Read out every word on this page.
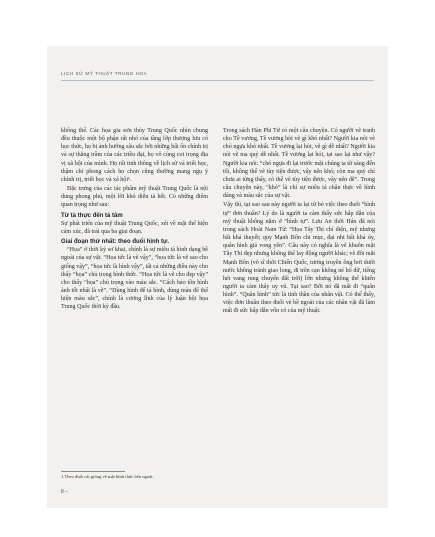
LỊCH SỬ MỸ THUẬT TRUNG HOA

không thể. Các họa gia sơn thủy Trung Quốc nhìn chung đều thuộc một bộ phận rất nhỏ của tầng lớp thượng lưu có học thức, họ bị ảnh hưởng sâu sắc bởi những bất ổn chính trị và sự thăng trầm của các triều đại, họ vô cùng coi trọng địa vị xã hội của mình. Họ rất tinh thông về lịch sử và triết học, thậm chí phong cách họ chọn cũng thường mang ngụ ý chính trị, triết học và xã hội¹.

Đặc trưng của các tác phẩm mỹ thuật Trung Quốc là nội dung phong phú, một lời khó diễn tả hết. Có những điểm quan trọng như sau:

Từ tả thực đến tả tâm

Sự phát triển của mỹ thuật Trung Quốc, xét về mặt thể hiện cảm xúc, đã trải qua ba giai đoạn.

Giai đoạn thứ nhất: theo đuổi hình tự.

“Họa” ở thời kỳ sơ khai, chính là sự miêu tả hình dạng bề ngoài của sự vật. “Họa tức là vẽ vậy”, “họa tức là vẽ sao cho giống vậy”, “họa tức là hình vậy”, tất cả những điều này cho thấy “họa” chủ trọng hình thức. “Họa tức là vẽ cho đẹp vậy” cho thấy “họa” chủ trọng vào màu sắc. “Cách bảo tồn hình ảnh tốt nhất là vẽ”. “Dùng hình để tả hình, dùng màu để thể hiện màu sắc”, chính là cương lĩnh của lý luận hội họa Trung Quốc thời kỳ đầu.

Trong sách Hàn Phi Tử có một câu chuyện. Có người vẽ tranh cho Tề vương, Tề vương hỏi vẽ gì khó nhất? Người kia nói vẽ chó ngựa khó nhất. Tề vương lại hỏi, vẽ gì dễ nhất? Người kia nói vẽ ma quỷ dễ nhất. Tề vương lại hỏi, tại sao lại như vậy? Người kia nói: “chó ngựa đi lại trước mặt chúng ta từ sáng đến tối, không thể vẽ tùy tiện được, vậy nên khó; còn ma quỷ chỉ chưa ai từng thấy, có thể vẽ tùy tiện được, vậy nên dễ”. Trong câu chuyện này, “khó” là chỉ sự miêu tả chân thực về hình dáng và màu sắc của sự vật.

Vậy thì, tại sao sau này người ta lại từ bỏ việc theo đuổi “hình tự” đơn thuần? Lý do là người ta cảm thấy sức hấp dẫn của mỹ thuật không nằm ở “hình tự”. Lưu An thời Hán đã nói trong sách Hoài Nam Tử: “Họa Tây Thi chỉ diện, mỹ nhưng bất khả thuyết; quy Mạnh Bôn chi mục, đại nhi bất khả úy, quân hình giả vong yên”. Câu này có nghĩa là vẽ khuôn mặt Tây Thi đẹp nhưng không thể lay động người khác; vẽ đôi mắt Mạnh Bôn (võ sĩ thời Chiến Quốc, tương truyền ông bơi dưới nước không tránh giao long, đi trên cạn không né hổ dữ, tiếng hét vang rung chuyển đất trời) lớn nhưng không thể khiến người ta cảm thấy uy vũ. Tại sao? Bởi nó đã mất đi “quân hình”. “Quân hình” tức là tinh thần của nhân vật. Có thể thấy, việc đơn thuần theo đuổi vẻ bề ngoài của các nhân vật đã làm mất đi sức hấp dẫn vốn có của mỹ thuật.

1.Theo đuổi cái giống về mặt hình thức bên ngoài.
8 –
